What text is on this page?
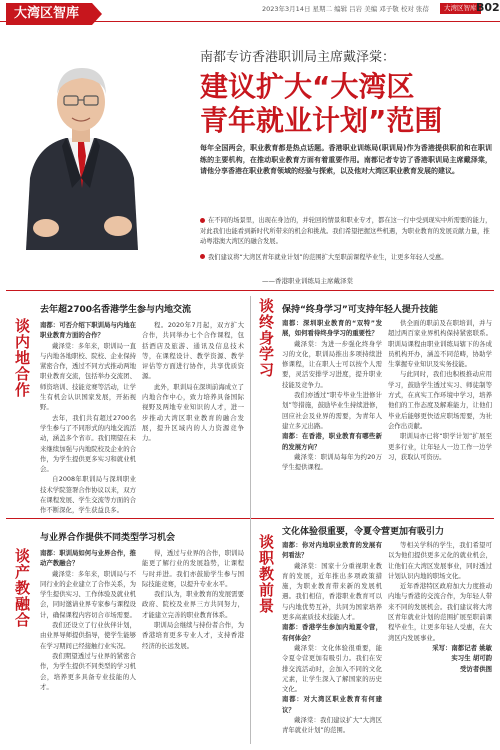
大湾区智库	2023年3月14日 星期二 编辑 吕岩 美编 邓子敬 校对 张蓓	大湾区智库 B02
南都专访香港职训局主席戴泽棠：
建议扩大“大湾区
青年就业计划”范围
每年全国两会，职业教育都是热点话题。香港职业训练局(职训局)作为香港提供职前和在职训练的主要机构，在推动职业教育方面有着重要作用。南都记者专访了香港职训局主席戴泽棠，请他分享香港在职业教育领域的经验与探索，以及他对大湾区职业教育发展的建议。

在不同的场景里，出现在身边的，并轮回的情景和职业专才，都在这一行中受到现实中所需要的能力，对此我们也能看到新时代所带来的机会和挑战。我们希望把握这些机遇，为职业教育的发展贡献力量，推动粤港澳大湾区的融合发展。

我们建议将“大湾区青年就业计划”的范围扩大至职前课程毕业生，让更多年轻人受惠。

——香港职业训练局主席戴泽棠
谈内地合作	谈终身学习
谈产教融合	谈职教前景
去年超2700名香港学生参与内地交流	保持“终身学习”可支持年轻人提升技能
与业界合作提供不同类型学习机会
文化体验很重要，令夏令营更加有吸引力

南都：可否介绍下职训局与内地在职业教育方面的合作？

戴泽棠：多年来，职训局一直与内地各地职校、院校、企业保持紧密合作，透过不同方式推动两地职业教育交流，包括举办交流团、师资培训、技能竞赛等活动，让学生有机会认识国家发展，开拓视野。

去年，我们共有超过2700名学生参与了不同形式的内地交流活动，涵盖多个省市。我们期望在未来继续加强与内地院校及企业的合作，为学生提供更多实习和就业机会。

自2008年职训局与深圳职业技术学院签署合作协议以来，双方在课程发展、学生交流等方面的合作不断深化，学生获益良多。

程。2020年7月起，双方扩大合作，共同举办七个合作课程，包括酒店及旅游、通讯及信息技术等，在课程设计、教学资源、教学评估等方面进行协作，共享优质资源。

此外，职训局在深圳前海成立了内地合作中心，致力培养具备国际视野及两地专业知识的人才，进一步推动大湾区职业教育的融合发展，提升区域内的人力资源竞争力。

南都：深圳职业教育的“双特”发展，如何看待终身学习的重要性？

戴泽棠：为进一步强化终身学习的文化，职训局推出多项持续进修课程，让在职人士可以按个人需要，灵活安排学习进度，提升职业技能及竞争力。

我们亦透过“职专毕业生进修计划”等措施，鼓励毕业生持续进修，回应社会及业界的需要，为青年人建立多元出路。

南都：在香港，职业教育有哪些新的发展方向？

戴泽棠：职训局每年为约20万学生提供课程。

供全面的职前及在职培训，并与超过两百家业界机构保持紧密联系。职训局课程由职业训练局辖下的各成员机构开办，涵盖不同范畴，协助学生掌握专业知识及实务技能。

与此同时，我们也积极推动应用学习，鼓励学生透过实习、师徒制等方式，在真实工作环境中学习，培养他们的工作态度及解难能力，让他们毕业后能够更快适应职场需要，为社会作出贡献。

职训局亦已将“职学计划”扩展至更多行业，让年轻人一边工作一边学习，获取认可资历。

南都：职训局如何与业界合作，推动产教融合？

戴泽棠：多年来，职训局与不同行业的企业建立了合作关系，为学生提供实习、工作体验及就业机会，同时邀请业界专家参与课程设计，确保课程内容切合市场需要。

我们还设立了行业伙伴计划，由业界导师提供指导，使学生能够在学习期间已经接触行业实况。

我们期望透过与业界的紧密合作，为学生提供不同类型的学习机会，培养更多具备专业技能的人才。

得，透过与业界的合作，职训局能更了解行业的发展趋势，让课程与时并进。我们亦鼓励学生参与国际技能竞赛，以提升专业水平。

我们认为，职业教育的发展需要政府、院校及业界三方共同努力，才能建立完善的职业教育体系。

职训局会继续与持份者合作，为香港培育更多专业人才，支持香港经济的长远发展。

南都：你对内地职业教育的发展有何看法？

戴泽棠：国家十分重视职业教育的发展，近年推出多项政策措施，为职业教育带来新的发展机遇。我们相信，香港职业教育可以与内地优势互补，共同为国家培养更多高素质技术技能人才。

南都：香港学生参加内地夏令营，有何体会？

戴泽棠：文化体验很重要，能令夏令营更加有吸引力。我们在安排交流活动时，会加入不同的文化元素，让学生深入了解国家的历史文化。

南都：对大湾区职业教育有何建议？

戴泽棠：我们建议扩大“大湾区青年就业计划”的范围。

等相关学科的学生，我们希望可以为他们提供更多元化的就业机会，让他们在大湾区发展事业，同时透过计划认识内地的职场文化。

近年香港特区政府加大力度推动内地与香港的交流合作，为年轻人带来不同的发展机会。我们建议将大湾区青年就业计划的范围扩展至职前课程毕业生，让更多年轻人受惠，在大湾区内发展事业。

采写：南都记者 姚敏

实习生 胡可韵

受访者供图
